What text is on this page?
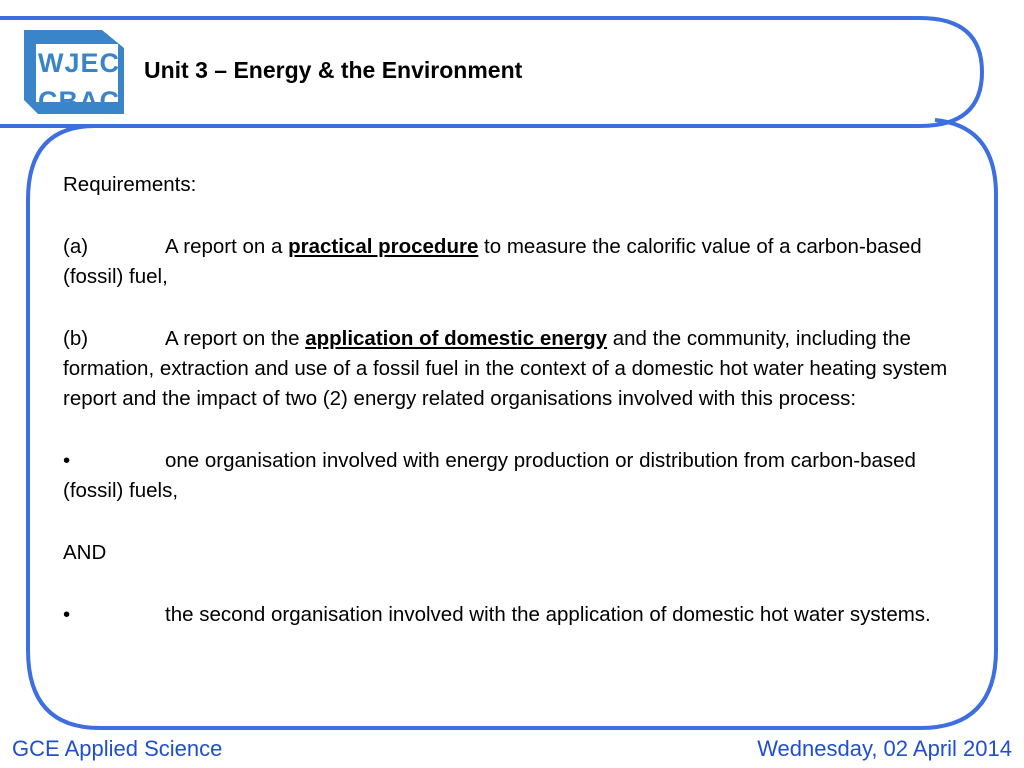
WJEC
CBAC
Unit 3 – Energy & the Environment

Requirements:

(a)	A report on a practical procedure to measure the calorific value of a carbon-based (fossil) fuel,

(b)	A report on the application of domestic energy and the community, including the formation, extraction and use of a fossil fuel in the context of a domestic hot water heating system report and the impact of two (2) energy related organisations involved with this process:

•	one organisation involved with energy production or distribution from carbon-based (fossil) fuels,

AND

•	the second organisation involved with the application of domestic hot water systems.

GCE Applied Science	Wednesday, 02 April 2014
